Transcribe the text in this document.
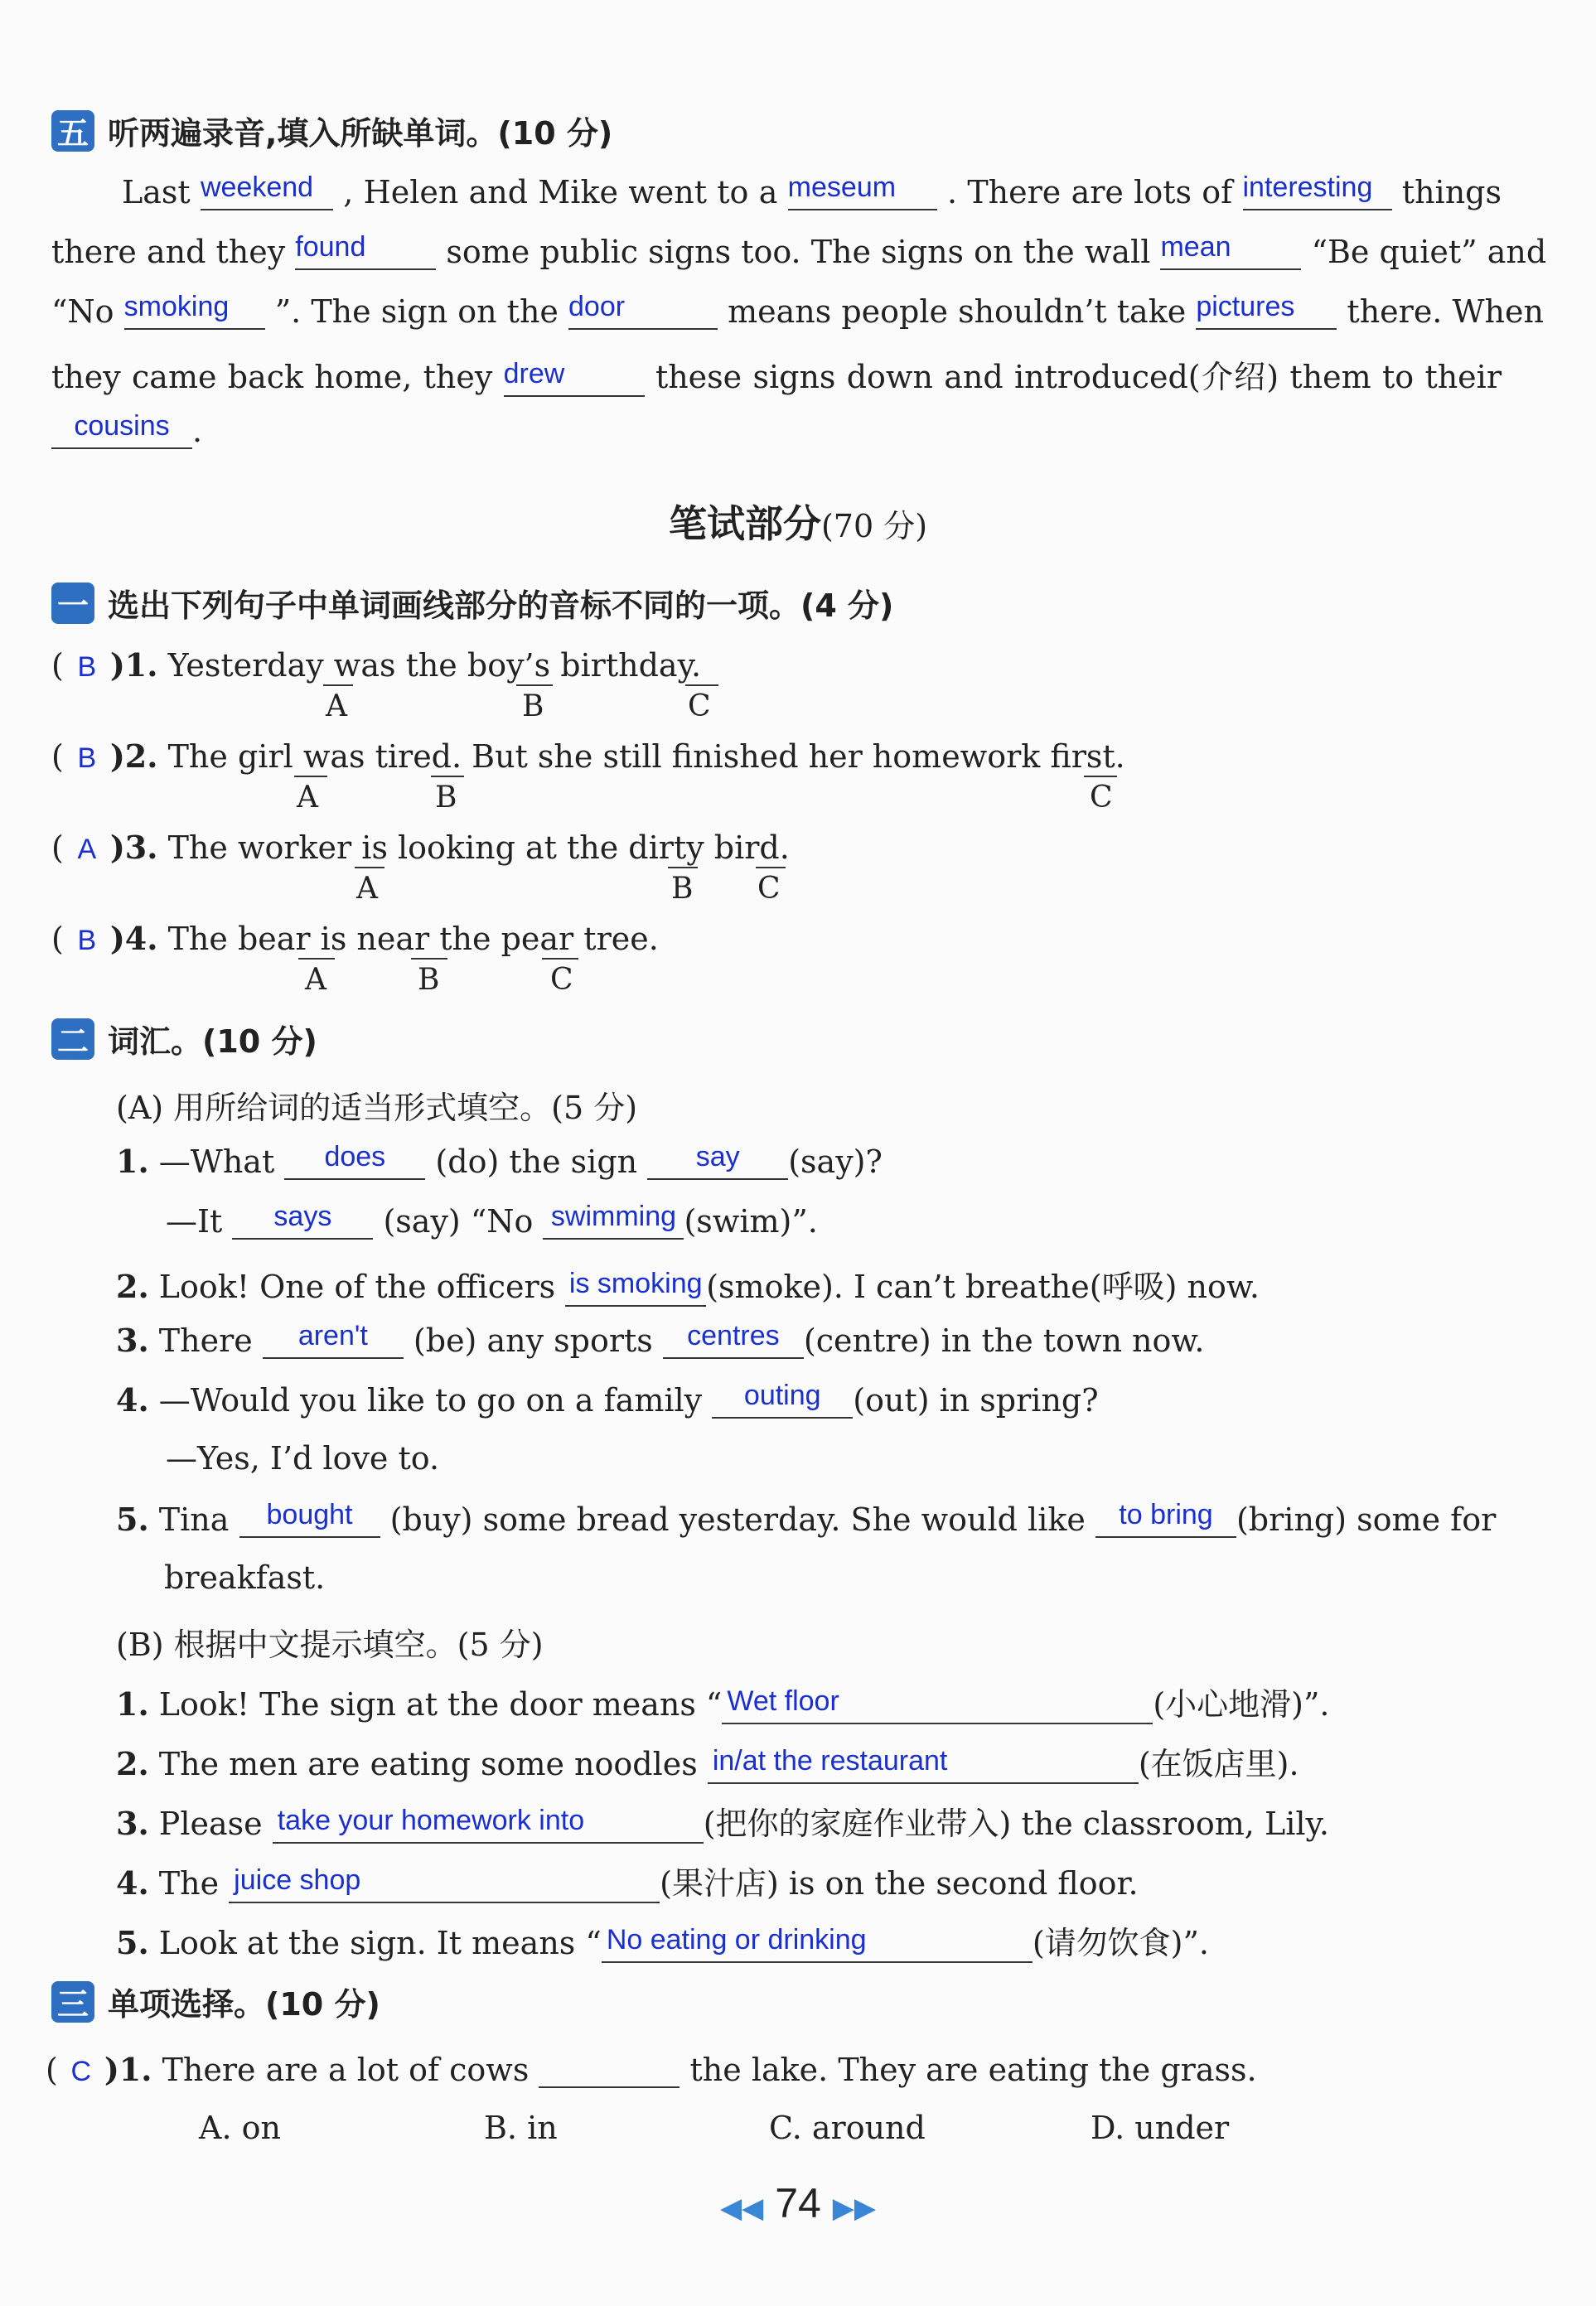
五 听两遍录音,填入所缺单词。(10 分)
Last weekend , Helen and Mike went to a meseum	. There are lots of interesting things
there and they found	some public signs too. The signs on the wall mean	“Be quiet” and
“No smoking	”. The sign on the door	means people shouldn’t take pictures	there. When
they came back home, they drew	these signs down and introduced(介绍) them to their
cousins .
笔试部分(70 分)
一 选出下列句子中单词画线部分的音标不同的一项。(4 分)
( B )1. Yesterday was the boy’s birthday.
A	B	C
( B )2. The girl was tired. But she still finished her homework first.
A	B	C
( A )3. The worker is looking at the dirty bird.
A	B C
( B )4. The bear is near the pear tree.
A	B	C
二 词汇。(10 分)
(A) 用所给词的适当形式填空。(5 分)
1. —What	does	(do) the sign	say	(say)?
—It	says	(say) “No swimming (swim)”.
2. Look! One of the officers is smoking (smoke). I can’t breathe(呼吸) now.
3. There	aren't	(be) any sports	centres (centre) in the town now.
4. —Would you like to go on a family	outing	(out) in spring?
—Yes, I’d love to.
5. Tina	bought	(buy) some bread yesterday. She would like	to bring (bring) some for
breakfast.
(B) 根据中文提示填空。(5 分)
1. Look! The sign at the door means “ Wet floor	(小心地滑)”.
2. The men are eating some noodles in/at the restaurant	(在饭店里).
3. Please take your homework into	(把你的家庭作业带入) the classroom, Lily.
4. The juice shop	(果汁店) is on the second floor.
5. Look at the sign. It means “ No eating or drinking	(请勿饮食)”.
三 单项选择。(10 分)
( C )1. There are a lot of cows	the lake. They are eating the grass.
A. on	B. in	C. around	D. under
◀◀ 74 ▶▶
